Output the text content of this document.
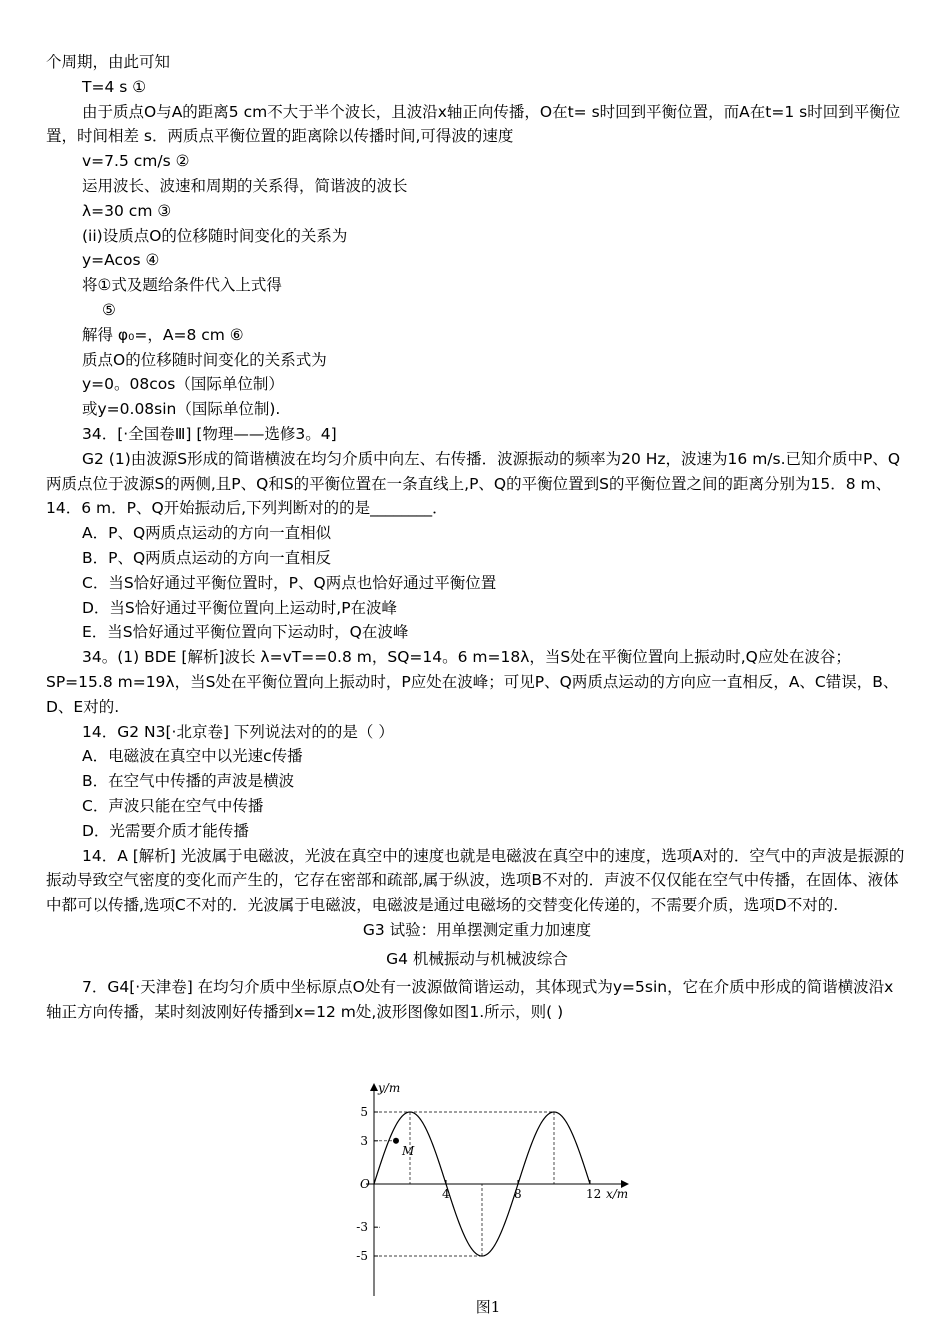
个周期，由此可知
T=4 s ①
由于质点O与A的距离5 cm不大于半个波长，且波沿x轴正向传播，O在t= s时回到平衡位置，而A在t=1 s时回到平衡位置，时间相差 s．两质点平衡位置的距离除以传播时间,可得波的速度
v=7.5 cm/s ②
运用波长、波速和周期的关系得，简谐波的波长
λ=30 cm ③
(ii)设质点O的位移随时间变化的关系为
y=Acos ④
将①式及题给条件代入上式得
⑤
解得 φ₀=，A=8 cm ⑥
质点O的位移随时间变化的关系式为
y=0。08cos（国际单位制）
或y=0.08sin（国际单位制).
34．[·全国卷Ⅲ] [物理——选修3。4]
G2 (1)由波源S形成的简谐横波在均匀介质中向左、右传播．波源振动的频率为20 Hz，波速为16 m/s.已知介质中P、Q两质点位于波源S的两侧,且P、Q和S的平衡位置在一条直线上,P、Q的平衡位置到S的平衡位置之间的距离分别为15．8 m、14．6 m．P、Q开始振动后,下列判断对的的是________．
A．P、Q两质点运动的方向一直相似
B．P、Q两质点运动的方向一直相反
C．当S恰好通过平衡位置时，P、Q两点也恰好通过平衡位置
D．当S恰好通过平衡位置向上运动时,P在波峰
E．当S恰好通过平衡位置向下运动时，Q在波峰
34。(1) BDE [解析]波长 λ=vT==0.8 m，SQ=14。6 m=18λ，当S处在平衡位置向上振动时,Q应处在波谷；SP=15.8 m=19λ，当S处在平衡位置向上振动时，P应处在波峰；可见P、Q两质点运动的方向应一直相反，A、C错误，B、D、E对的.
14．G2 N3[·北京卷] 下列说法对的的是（ ）
A．电磁波在真空中以光速c传播
B．在空气中传播的声波是横波
C．声波只能在空气中传播
D．光需要介质才能传播
14．A [解析] 光波属于电磁波，光波在真空中的速度也就是电磁波在真空中的速度，选项A对的．空气中的声波是振源的振动导致空气密度的变化而产生的，它存在密部和疏部,属于纵波，选项B不对的．声波不仅仅能在空气中传播，在固体、液体中都可以传播,选项C不对的．光波属于电磁波，电磁波是通过电磁场的交替变化传递的，不需要介质，选项D不对的.
G3 试验：用单摆测定重力加速度
G4 机械振动与机械波综合
7．G4[·天津卷] 在均匀介质中坐标原点O处有一波源做简谐运动，其体现式为y=5sin，它在介质中形成的简谐横波沿x轴正方向传播，某时刻波刚好传播到x=12 m处,波形图像如图1.所示，则( )
y/m
x/m
O
4	8	12
5
3
-3
-5
M
图1
